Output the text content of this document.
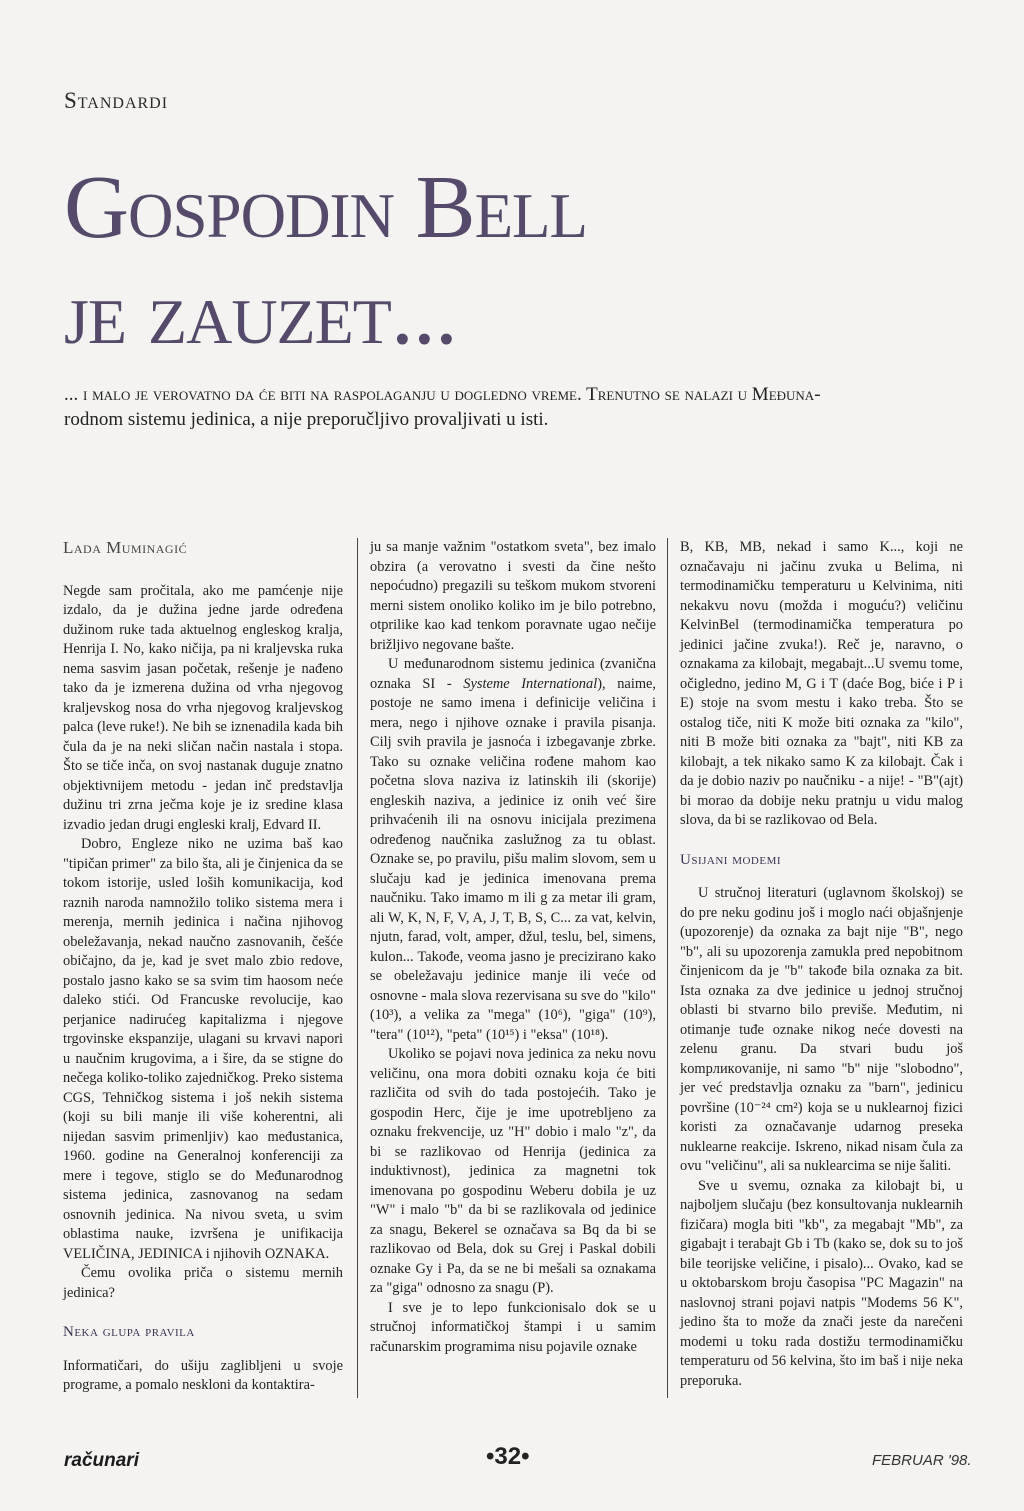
Standardi
Gospodin Bell
je zauzet...
... i malo je verovatno da će biti na raspolaganju u dogledno vreme. Trenutno se nalazi u Međuna-
rodnom sistemu jedinica, a nije preporučljivo provaljivati u isti.
Lada Muminagić

Negde sam pročitala, ako me pamćenje nije izdalo, da je dužina jedne jarde određena dužinom ruke tada aktuelnog engleskog kralja, Henrija I. No, kako ničija, pa ni kraljevska ruka nema sasvim jasan početak, rešenje je nađeno tako da je izmerena dužina od vrha njegovog kraljevskog nosa do vrha njegovog kraljevskog palca (leve ruke!). Ne bih se iznenadila kada bih čula da je na neki sličan način nastala i stopa. Što se tiče inča, on svoj nastanak duguje znatno objektivnijem metodu - jedan inč predstavlja dužinu tri zrna ječma koje je iz sredine klasa izvadio jedan drugi engleski kralj, Edvard II.

Dobro, Engleze niko ne uzima baš kao "tipičan primer" za bilo šta, ali je činjenica da se tokom istorije, usled loših komunikacija, kod raznih naroda namnožilo toliko sistema mera i merenja, mernih jedinica i načina njihovog obeležavanja, nekad naučno zasnovanih, češće običajno, da je, kad je svet malo zbio redove, postalo jasno kako se sa svim tim haosom neće daleko stići. Od Francuske revolucije, kao perjanice nadirućeg kapitalizma i njegove trgovinske ekspanzije, ulagani su krvavi napori u naučnim krugovima, a i šire, da se stigne do nečega koliko-toliko zajedničkog. Preko sistema CGS, Tehničkog sistema i još nekih sistema (koji su bili manje ili više koherentni, ali nijedan sasvim primenljiv) kao međustanica, 1960. godine na Generalnoj konferenciji za mere i tegove, stiglo se do Međunarodnog sistema jedinica, zasnovanog na sedam osnovnih jedinica. Na nivou sveta, u svim oblastima nauke, izvršena je unifikacija VELIČINA, JEDINICA i njihovih OZNAKA.

Čemu ovolika priča o sistemu mernih jedinica?

Neka glupa pravila

Informatičari, do ušiju zaglibljeni u svoje programe, a pomalo neskloni da kontaktira-

ju sa manje važnim "ostatkom sveta", bez imalo obzira (a verovatno i svesti da čine nešto nepoćudno) pregazili su teškom mukom stvoreni merni sistem onoliko koliko im je bilo potrebno, otprilike kao kad tenkom poravnate ugao nečije brižljivo negovane bašte.

U međunarodnom sistemu jedinica (zvanična oznaka SI - Systeme International), naime, postoje ne samo imena i definicije veličina i mera, nego i njihove oznake i pravila pisanja. Cilj svih pravila je jasnoća i izbegavanje zbrke. Tako su oznake veličina rođene mahom kao početna slova naziva iz latinskih ili (skorije) engleskih naziva, a jedinice iz onih već šire prihvaćenih ili na osnovu inicijala prezimena određenog naučnika zaslužnog za tu oblast. Oznake se, po pravilu, pišu malim slovom, sem u slučaju kad je jedinica imenovana prema naučniku. Tako imamo m ili g za metar ili gram, ali W, K, N, F, V, A, J, T, B, S, C... za vat, kelvin, njutn, farad, volt, amper, džul, teslu, bel, simens, kulon... Takođe, veoma jasno je precizirano kako se obeležavaju jedinice manje ili veće od osnovne - mala slova rezervisana su sve do "kilo" (10³), a velika za "mega" (10⁶), "giga" (10⁹), "tera" (10¹²), "peta" (10¹⁵) i "eksa" (10¹⁸).

Ukoliko se pojavi nova jedinica za neku novu veličinu, ona mora dobiti oznaku koja će biti različita od svih do tada postojećih. Tako je gospodin Herc, čije je ime upotrebljeno za oznaku frekvencije, uz "H" dobio i malo "z", da bi se razlikovao od Henrija (jedinica za induktivnost), jedinica za magnetni tok imenovana po gospodinu Weberu dobila je uz "W" i malo "b" da bi se razlikovala od jedinice za snagu, Bekerel se označava sa Bq da bi se razlikovao od Bela, dok su Grej i Paskal dobili oznake Gy i Pa, da se ne bi mešali sa oznakama za "giga" odnosno za snagu (P).

I sve je to lepo funkcionisalo dok se u stručnoj informatičkoj štampi i u samim računarskim programima nisu pojavile oznake

B, KB, MB, nekad i samo K..., koji ne označavaju ni jačinu zvuka u Belima, ni termodinamičku temperaturu u Kelvinima, niti nekakvu novu (možda i moguću?) veličinu KelvinBel (termodinamička temperatura po jedinici jačine zvuka!). Reč je, naravno, o oznakama za kilobajt, megabajt...U svemu tome, očigledno, jedino M, G i T (daće Bog, biće i P i E) stoje na svom mestu i kako treba. Što se ostalog tiče, niti K može biti oznaka za "kilo", niti B može biti oznaka za "bajt", niti KB za kilobajt, a tek nikako samo K za kilobajt. Čak i da je dobio naziv po naučniku - a nije! - "B"(ajt) bi morao da dobije neku pratnju u vidu malog slova, da bi se razlikovao od Bela.

Usijani modemi

U stručnoj literaturi (uglavnom školskoj) se do pre neku godinu još i moglo naći objašnjenje (upozorenje) da oznaka za bajt nije "B", nego "b", ali su upozorenja zamukla pred nepobitnom činjenicom da je "b" takođe bila oznaka za bit. Ista oznaka za dve jedinice u jednoj stručnoj oblasti bi stvarno bilo previše. Međutim, ni otimanje tuđe oznake nikog neće dovesti na zelenu granu. Da stvari budu još kompликovanije, ni samo "b" nije "slobodno", jer već predstavlja oznaku za "barn", jedinicu površine (10⁻²⁴ cm²) koja se u nuklearnoj fizici koristi za označavanje udarnog preseka nuklearne reakcije. Iskreno, nikad nisam čula za ovu "veličinu", ali sa nuklearcima se nije šaliti.

Sve u svemu, oznaka za kilobajt bi, u najboljem slučaju (bez konsultovanja nuklearnih fizičara) mogla biti "kb", za megabajt "Mb", za gigabajt i terabajt Gb i Tb (kako se, dok su to još bile teorijske veličine, i pisalo)... Ovako, kad se u oktobarskom broju časopisa "PC Magazin" na naslovnoj strani pojavi natpis "Modems 56 K", jedino šta to može da znači jeste da narečeni modemi u toku rada dostižu termodinamičku temperaturu od 56 kelvina, što im baš i nije neka preporuka.

računari	•32•	FEBRUAR '98.
